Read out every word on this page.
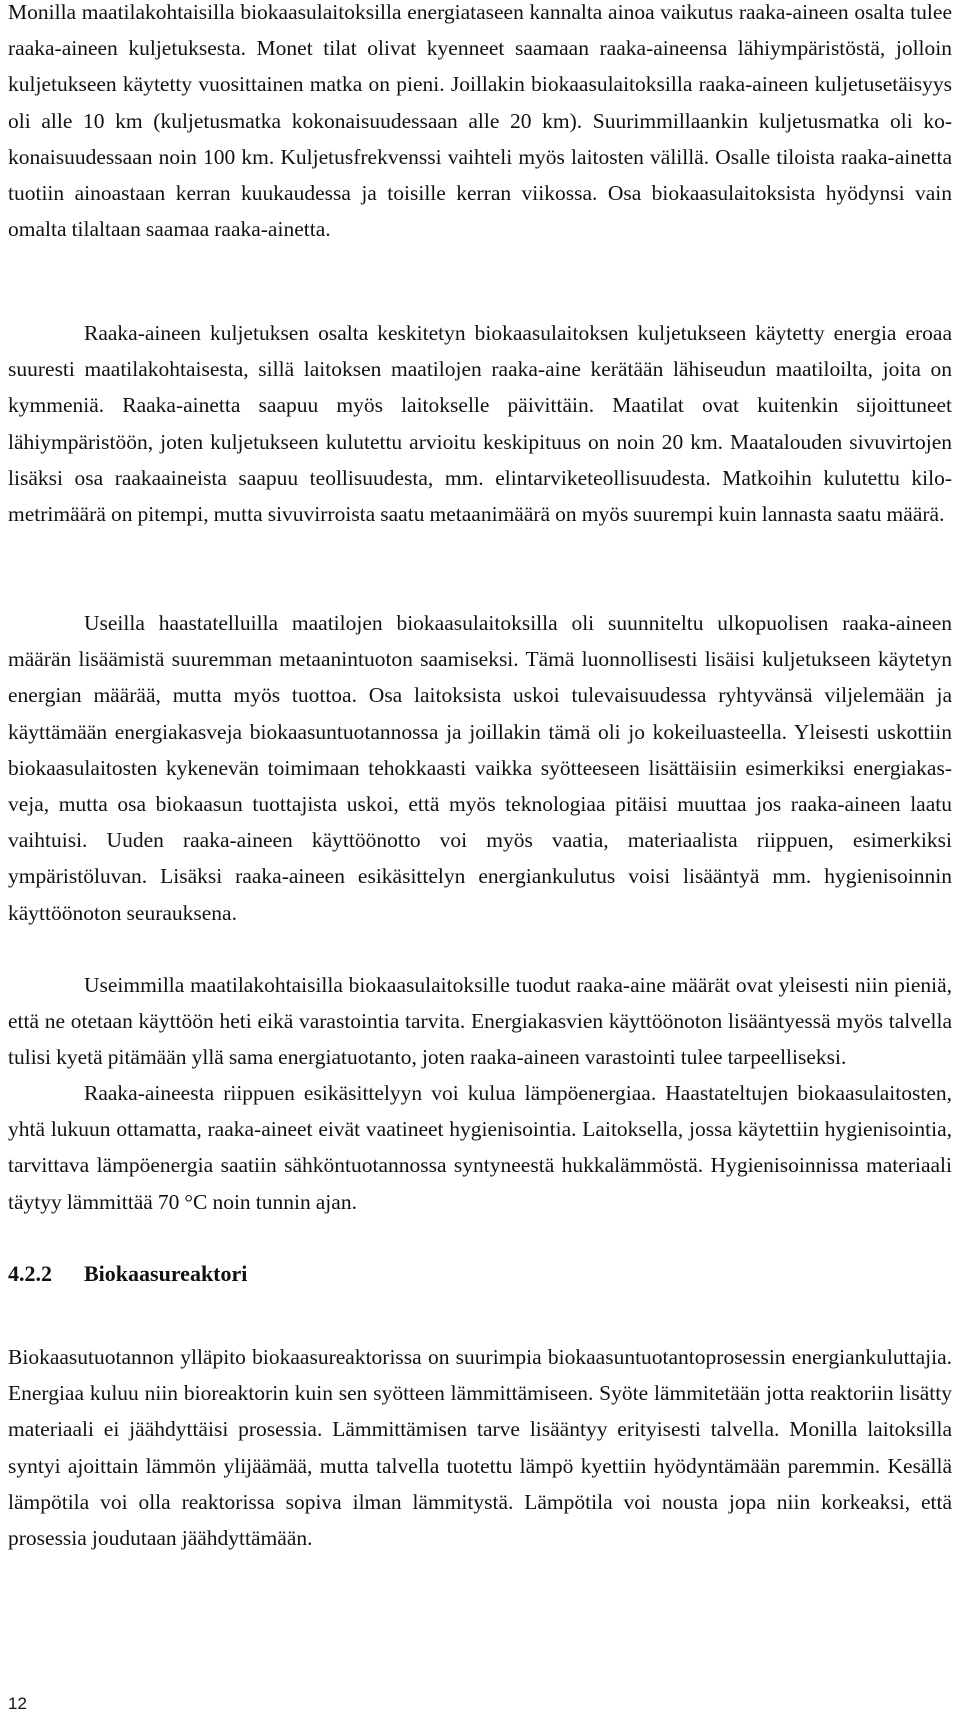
Monilla maatilakohtaisilla biokaasulaitoksilla energiataseen kannalta ainoa vaikutus raaka-aineen osalta tulee raaka-aineen kuljetuksesta. Monet tilat olivat kyenneet saamaan raaka-aineensa lähiympäristöstä, jolloin kuljetukseen käytetty vuosittainen matka on pieni. Joillakin biokaasulaitoksilla raaka-aineen kuljetusetäisyys oli alle 10 km (kuljetusmatka kokonaisuudessaan alle 20 km). Suurimmillaankin kuljetusmatka oli kokonaisuudessaan noin 100 km. Kuljetusfrekvenssi vaihteli myös laitosten välillä. Osalle tiloista raaka-ainetta tuotiin ainoastaan kerran kuukaudessa ja toisille kerran viikossa. Osa biokaasulaitoksista hyödynsi vain omalta tilaltaan saamaa raaka-ainetta.

Raaka-aineen kuljetuksen osalta keskitetyn biokaasulaitoksen kuljetukseen käytetty energia eroaa suuresti maatilakohtaisesta, sillä laitoksen maatilojen raaka-aine kerätään lähiseudun maatiloilta, joita on kymmeniä. Raaka-ainetta saapuu myös laitokselle päivittäin. Maatilat ovat kuitenkin sijoittuneet lähiympäristöön, joten kuljetukseen kulutettu arvioitu keskipituus on noin 20 km. Maatalouden sivuvirtojen lisäksi osa raakaaineista saapuu teollisuudesta, mm. elintarviketeollisuudesta. Matkoihin kulutettu kilometrimäärä on pitempi, mutta sivuvirroista saatu metaanimäärä on myös suurempi kuin lannasta saatu määrä.

Useilla haastatelluilla maatilojen biokaasulaitoksilla oli suunniteltu ulkopuolisen raaka-aineen määrän lisäämistä suuremman metaanintuoton saamiseksi. Tämä luonnollisesti lisäisi kuljetukseen käytetyn energian määrää, mutta myös tuottoa. Osa laitoksista uskoi tulevaisuudessa ryhtyvänsä viljelemään ja käyttämään energiakasveja biokaasuntuotannossa ja joillakin tämä oli jo kokeiluasteella. Yleisesti uskottiin biokaasulaitosten kykenevän toimimaan tehokkaasti vaikka syötteeseen lisättäisiin esimerkiksi energiakasveja, mutta osa biokaasun tuottajista uskoi, että myös teknologiaa pitäisi muuttaa jos raaka-aineen laatu vaihtuisi. Uuden raaka-aineen käyttöönotto voi myös vaatia, materiaalista riippuen, esimerkiksi ympäristöluvan. Lisäksi raaka-aineen esikäsittelyn energiankulutus voisi lisääntyä mm. hygienisoinnin käyttöönoton seurauksena.

Useimmilla maatilakohtaisilla biokaasulaitoksille tuodut raaka-aine määrät ovat yleisesti niin pieniä, että ne otetaan käyttöön heti eikä varastointia tarvita. Energiakasvien käyttöönoton lisääntyessä myös talvella tulisi kyetä pitämään yllä sama energiatuotanto, joten raaka-aineen varastointi tulee tarpeelliseksi.

Raaka-aineesta riippuen esikäsittelyyn voi kulua lämpöenergiaa. Haastateltujen biokaasulaitosten, yhtä lukuun ottamatta, raaka-aineet eivät vaatineet hygienisointia. Laitoksella, jossa käytettiin hygienisointia, tarvittava lämpöenergia saatiin sähköntuotannossa syntyneestä hukkalämmöstä. Hygienisoinnissa materiaali täytyy lämmittää 70 °C noin tunnin ajan.

4.2.2	Biokaasureaktori

Biokaasutuotannon ylläpito biokaasureaktorissa on suurimpia biokaasuntuotantoprosessin energiankuluttajia. Energiaa kuluu niin bioreaktorin kuin sen syötteen lämmittämiseen. Syöte lämmitetään jotta reaktoriin lisätty materiaali ei jäähdyttäisi prosessia. Lämmittämisen tarve lisääntyy erityisesti talvella. Monilla laitoksilla syntyi ajoittain lämmön ylijäämää, mutta talvella tuotettu lämpö kyettiin hyödyntämään paremmin. Kesällä lämpötila voi olla reaktorissa sopiva ilman lämmitystä. Lämpötila voi nousta jopa niin korkeaksi, että prosessia joudutaan jäähdyttämään.

12
